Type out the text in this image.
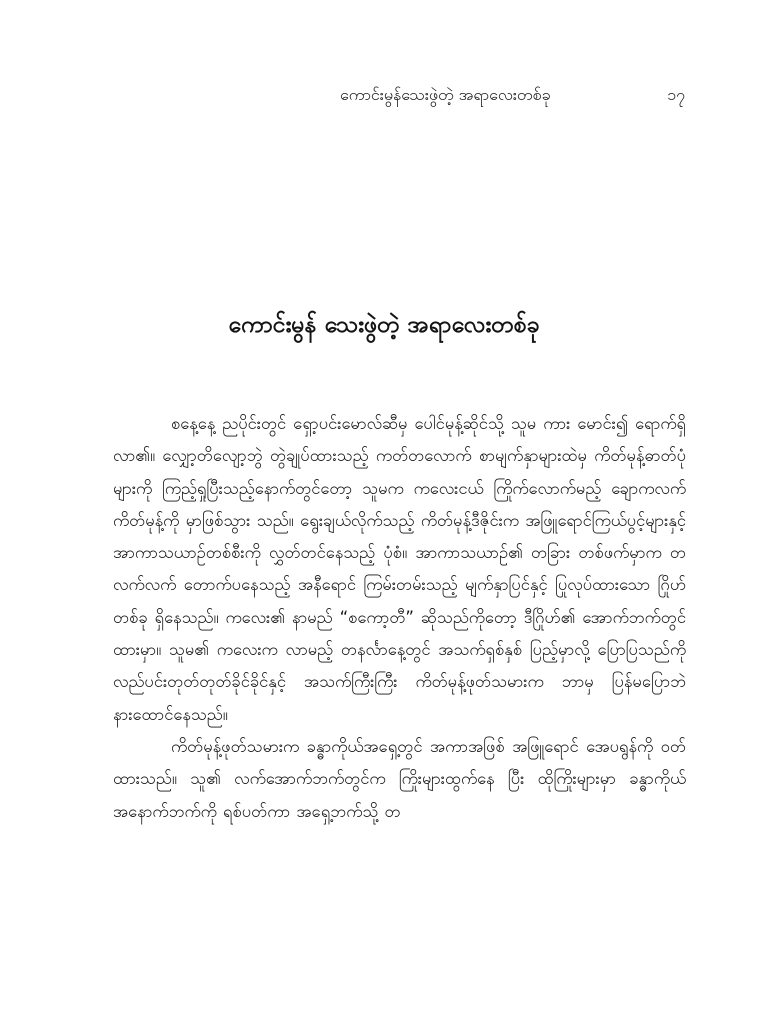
ကောင်းမွန်သေးဖွဲတဲ့ အရာလေးတစ်ခု	၁၇
ကောင်းမွန် သေးဖွဲတဲ့ အရာလေးတစ်ခု

စနေ့နေ့ ညပိုင်းတွင် ရှော့ပင်းမောလ်ဆီမှ ပေါင်မုန့်ဆိုင်သို့ သူမ ကား မောင်း၍ ရောက်ရှိလာ၏။ လျှော့တိလျော့ဘွဲ တွဲချုပ်ထားသည့် ကတ်တလောက် စာမျက်နှာများထဲမှ ကိတ်မုန့်ဓာတ်ပုံများကို ကြည့်ရှုပြီးသည့်နောက်တွင်တော့ သူမက ကလေးငယ် ကြိုက်လောက်မည့် ချောကလက်ကိတ်မုန့်ကို မှာဖြစ်သွား သည်။ ရွေးချယ်လိုက်သည့် ကိတ်မုန့်ဒီဇိုင်းက အဖြူရောင်ကြယ်ပွင့်များနှင့် အာကာသယာဉ်တစ်စီးကို လွှတ်တင်နေသည့် ပုံစံ။ အာကာသယာဉ်၏ တခြား တစ်ဖက်မှာက တလက်လက် တောက်ပနေသည့် အနီရောင် ကြမ်းတမ်းသည့် မျက်နှာပြင်နှင့် ပြုလုပ်ထားသော ဂြိုဟ်တစ်ခု ရှိနေသည်။ ကလေး၏ နာမည် “စကော့တီ” ဆိုသည်ကိုတော့ ဒီဂြိုဟ်၏ အောက်ဘက်တွင် ထားမှာ။ သူမ၏ ကလေးက လာမည့် တနင်္လာနေ့တွင် အသက်ရှစ်နှစ် ပြည့်မှာလို့ ပြောပြသည်ကို လည်ပင်းတုတ်တုတ်ခိုင်ခိုင်နှင့် အသက်ကြီးကြီး ကိတ်မုန့်ဖုတ်သမားက ဘာမှ ပြန်မပြောဘဲ နားထောင်နေသည်။

ကိတ်မုန့်ဖုတ်သမားက ခန္ဓာကိုယ်အရှေ့တွင် အကာအဖြစ် အဖြူရောင် အေပရွန်ကို ဝတ်ထားသည်။ သူ၏ လက်အောက်ဘက်တွင်က ကြိုးများထွက်နေ ပြီး ထိုကြိုးများမှာ ခန္ဓာကိုယ် အနောက်ဘက်ကို ရစ်ပတ်ကာ အရှေ့ဘက်သို့ တ
